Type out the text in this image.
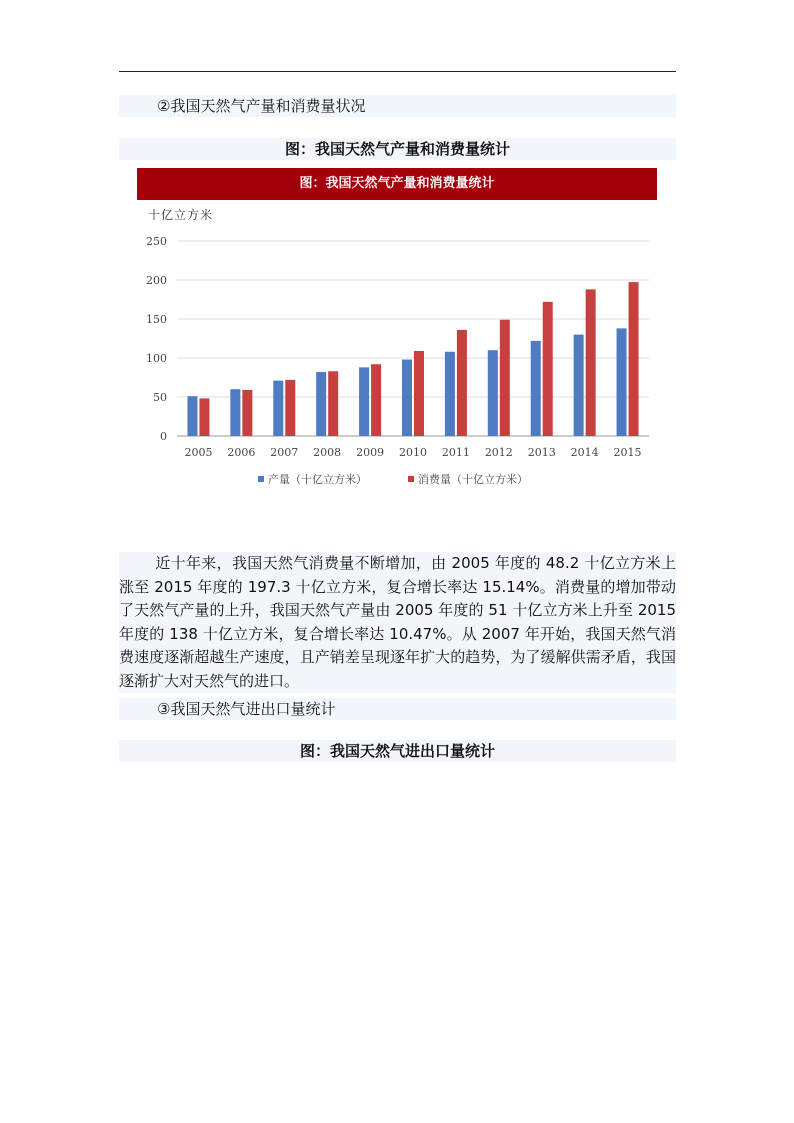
②我国天然气产量和消费量状况
图：我国天然气产量和消费量统计
图：我国天然气产量和消费量统计
十亿立方米
0
50
100
150
200
250
2005 2006 2007 2008 2009 2010 2011 2012 2013 2014 2015
产量（十亿立方米）	消费量（十亿立方米）
近十年来，我国天然气消费量不断增加，由 2005 年度的 48.2 十亿立方米上涨至 2015 年度的 197.3 十亿立方米，复合增长率达 15.14%。消费量的增加带动了天然气产量的上升，我国天然气产量由 2005 年度的 51 十亿立方米上升至 2015 年度的 138 十亿立方米，复合增长率达 10.47%。从 2007 年开始，我国天然气消费速度逐渐超越生产速度，且产销差呈现逐年扩大的趋势，为了缓解供需矛盾，我国逐渐扩大对天然气的进口。
③我国天然气进出口量统计
图：我国天然气进出口量统计
